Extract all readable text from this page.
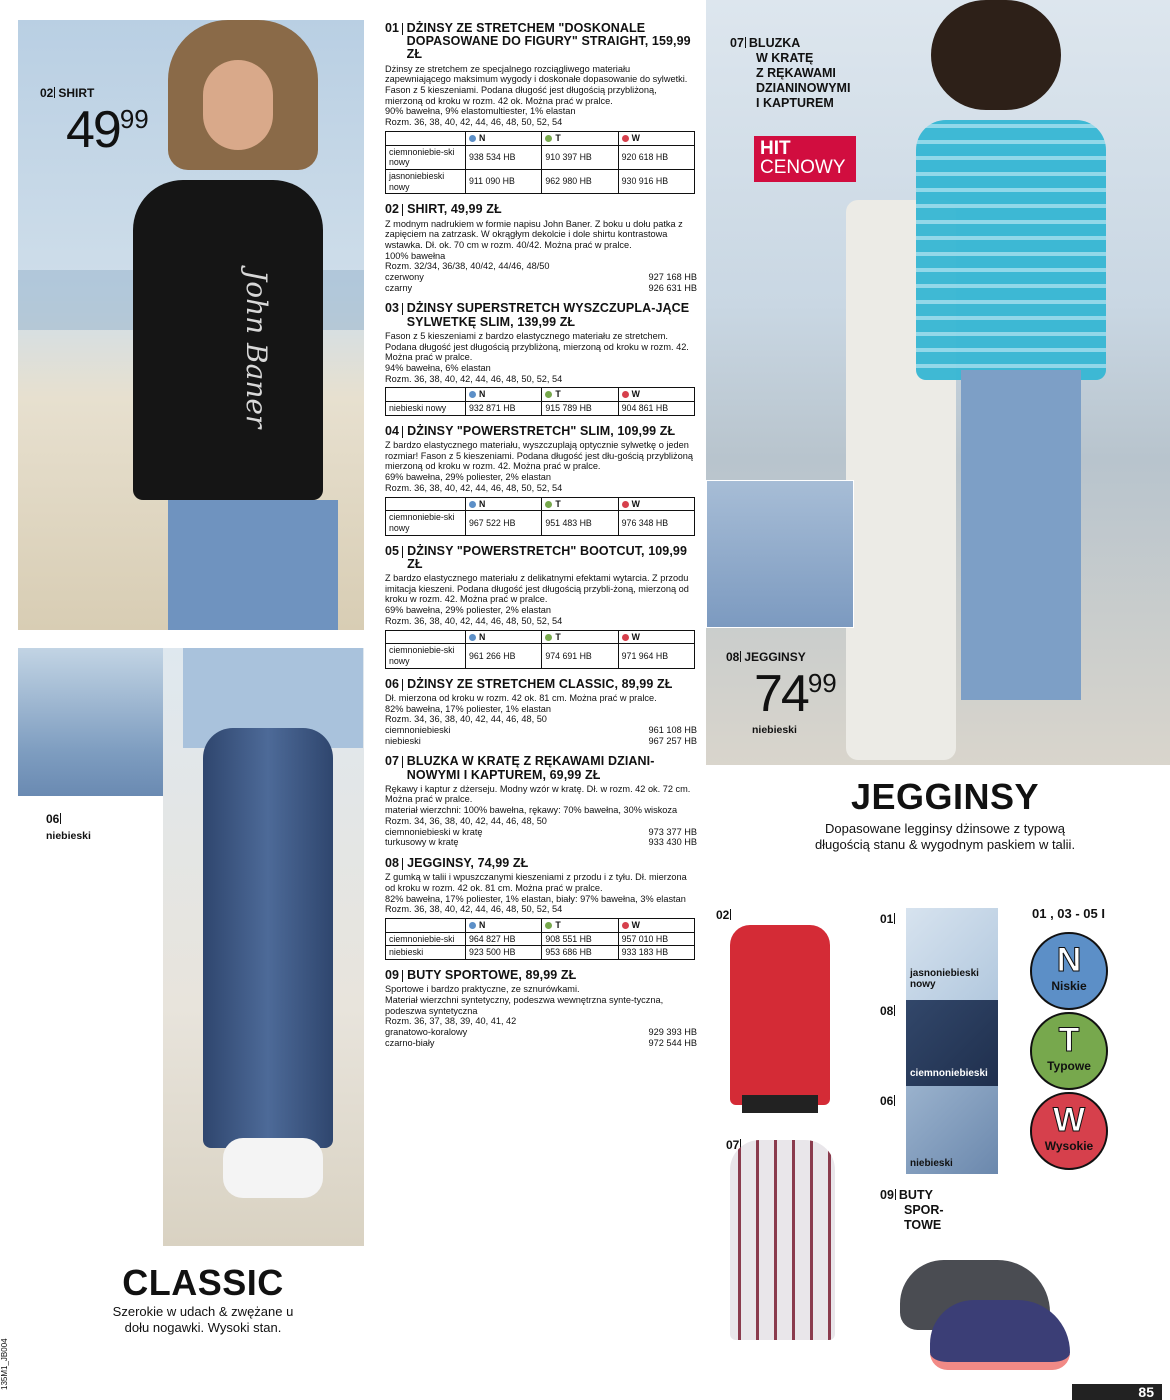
John Baner
02 SHIRT
4999
06
niebieski
07 BLUZKA
W KRATĘ
Z RĘKAWAMI
DZIANINOWYMI
I KAPTUREM
HIT
CENOWY
08 JEGGINSY
7499
niebieski
01 DŻINSY ZE STRETCHEM "DOSKONALE DOPASOWANE DO FIGURY" STRAIGHT, 159,99 ZŁ

Dżinsy ze stretchem ze specjalnego rozciągliwego materiału zapewniającego maksimum wygody i doskonałe dopasowanie do sylwetki. Fason z 5 kieszeniami. Podana długość jest długością przybliżoną, mierzoną od kroku w rozm. 42 ok. Można prać w pralce.

90% bawełna, 9% elastomultiester, 1% elastan
Rozm. 36, 38, 40, 42, 44, 46, 48, 50, 52, 54
	N	T	W
ciemnoniebie-ski nowy	938 534 HB	910 397 HB	920 618 HB
jasnoniebieski nowy	911 090 HB	962 980 HB	930 916 HB
02 SHIRT, 49,99 ZŁ

Z modnym nadrukiem w formie napisu John Baner. Z boku u dołu patka z zapięciem na zatrzask. W okrągłym dekolcie i dole shirtu kontrastowa wstawka. Dł. ok. 70 cm w rozm. 40/42. Można prać w pralce.

100% bawełna
Rozm. 32/34, 36/38, 40/42, 44/46, 48/50
czerwony	927 168 HB
czarny	926 631 HB
03 DŻINSY SUPERSTRETCH WYSZCZUPLA-JĄCE SYLWETKĘ SLIM, 139,99 ZŁ

Fason z 5 kieszeniami z bardzo elastycznego materiału ze stretchem. Podana długość jest długością przybliżoną, mierzoną od kroku w rozm. 42. Można prać w pralce.

94% bawełna, 6% elastan
Rozm. 36, 38, 40, 42, 44, 46, 48, 50, 52, 54
	N	T	W
niebieski nowy	932 871 HB	915 789 HB	904 861 HB
04 DŻINSY "POWERSTRETCH" SLIM, 109,99 ZŁ

Z bardzo elastycznego materiału, wyszczuplają optycznie sylwetkę o jeden rozmiar! Fason z 5 kieszeniami. Podana długość jest dłu-gością przybliżoną mierzoną od kroku w rozm. 42. Można prać w pralce.

69% bawełna, 29% poliester, 2% elastan
Rozm. 36, 38, 40, 42, 44, 46, 48, 50, 52, 54
	N	T	W
ciemnoniebie-ski nowy	967 522 HB	951 483 HB	976 348 HB
05 DŻINSY "POWERSTRETCH" BOOTCUT, 109,99 ZŁ

Z bardzo elastycznego materiału z delikatnymi efektami wytarcia. Z przodu imitacja kieszeni. Podana długość jest długością przybli-żoną, mierzoną od kroku w rozm. 42. Można prać w pralce.

69% bawełna, 29% poliester, 2% elastan
Rozm. 36, 38, 40, 42, 44, 46, 48, 50, 52, 54
	N	T	W
ciemnoniebie-ski nowy	961 266 HB	974 691 HB	971 964 HB
06 DŻINSY ZE STRETCHEM CLASSIC, 89,99 ZŁ

Dł. mierzona od kroku w rozm. 42 ok. 81 cm. Można prać w pralce.

82% bawełna, 17% poliester, 1% elastan
Rozm. 34, 36, 38, 40, 42, 44, 46, 48, 50
ciemnoniebieski	961 108 HB
niebieski	967 257 HB
07 BLUZKA W KRATĘ Z RĘKAWAMI DZIANI-NOWYMI I KAPTUREM, 69,99 ZŁ

Rękawy i kaptur z dżerseju. Modny wzór w kratę. Dł. w rozm. 42 ok. 72 cm. Można prać w pralce.

materiał wierzchni: 100% bawełna, rękawy: 70% bawełna, 30% wiskoza
Rozm. 34, 36, 38, 40, 42, 44, 46, 48, 50
ciemnoniebieski w kratę	973 377 HB
turkusowy w kratę	933 430 HB
08 JEGGINSY, 74,99 ZŁ

Z gumką w talii i wpuszczanymi kieszeniami z przodu i z tyłu. Dł. mierzona od kroku w rozm. 42 ok. 81 cm. Można prać w pralce.

82% bawełna, 17% poliester, 1% elastan, biały: 97% bawełna, 3% elastan
Rozm. 36, 38, 40, 42, 44, 46, 48, 50, 52, 54
	N	T	W
ciemnoniebie-ski	964 827 HB	908 551 HB	957 010 HB
niebieski	923 500 HB	953 686 HB	933 183 HB
09 BUTY SPORTOWE, 89,99 ZŁ

Sportowe i bardzo praktyczne, ze sznurówkami.

Materiał wierzchni syntetyczny, podeszwa wewnętrzna synte-tyczna, podeszwa syntetyczna
Rozm. 36, 37, 38, 39, 40, 41, 42
granatowo-koralowy	929 393 HB
czarno-biały	972 544 HB
CLASSIC
Szerokie w udach & zwężane u
dołu nogawki. Wysoki stan.
JEGGINSY
Dopasowane legginsy dżinsowe z typową
długością stanu & wygodnym paskiem w talii.
02
07
01
jasnoniebieski nowy
08
ciemnoniebieski
06
niebieski
09 BUTY
SPOR-
TOWE
01 , 03 - 05 I
N
Niskie
T
Typowe
W
Wysokie
85
135M1_JB004
